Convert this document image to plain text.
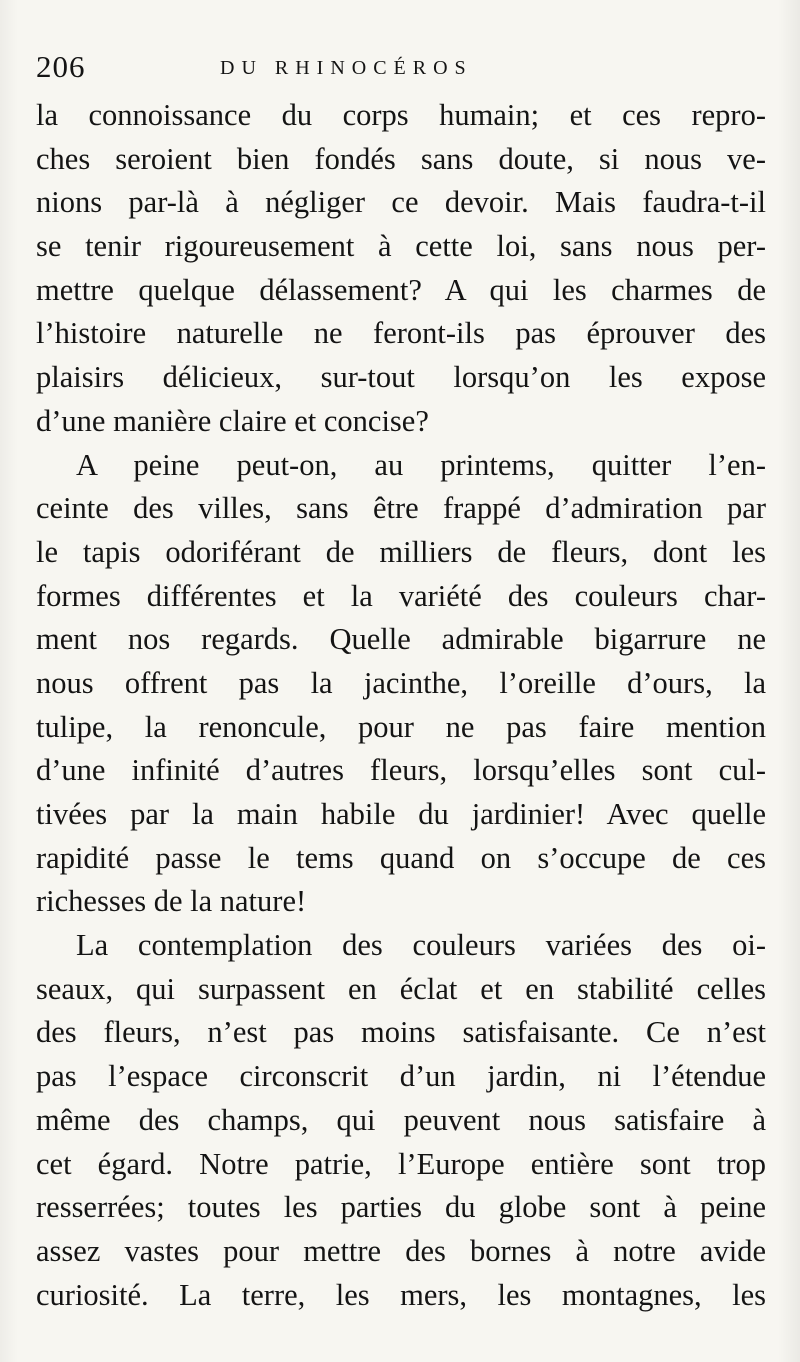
206	DU RHINOCÉROS
la connoissance du corps humain; et ces repro-
ches seroient bien fondés sans doute, si nous ve-
nions par-là à négliger ce devoir. Mais faudra-t-il
se tenir rigoureusement à cette loi, sans nous per-
mettre quelque délassement? A qui les charmes de
l’histoire naturelle ne feront-ils pas éprouver des
plaisirs délicieux, sur-tout lorsqu’on les expose
d’une manière claire et concise?
A peine peut-on, au printems, quitter l’en-
ceinte des villes, sans être frappé d’admiration par
le tapis odoriférant de milliers de fleurs, dont les
formes différentes et la variété des couleurs char-
ment nos regards. Quelle admirable bigarrure ne
nous offrent pas la jacinthe, l’oreille d’ours, la
tulipe, la renoncule, pour ne pas faire mention
d’une infinité d’autres fleurs, lorsqu’elles sont cul-
tivées par la main habile du jardinier! Avec quelle
rapidité passe le tems quand on s’occupe de ces
richesses de la nature!
La contemplation des couleurs variées des oi-
seaux, qui surpassent en éclat et en stabilité celles
des fleurs, n’est pas moins satisfaisante. Ce n’est
pas l’espace circonscrit d’un jardin, ni l’étendue
même des champs, qui peuvent nous satisfaire à
cet égard. Notre patrie, l’Europe entière sont trop
resserrées; toutes les parties du globe sont à peine
assez vastes pour mettre des bornes à notre avide
curiosité. La terre, les mers, les montagnes, les
